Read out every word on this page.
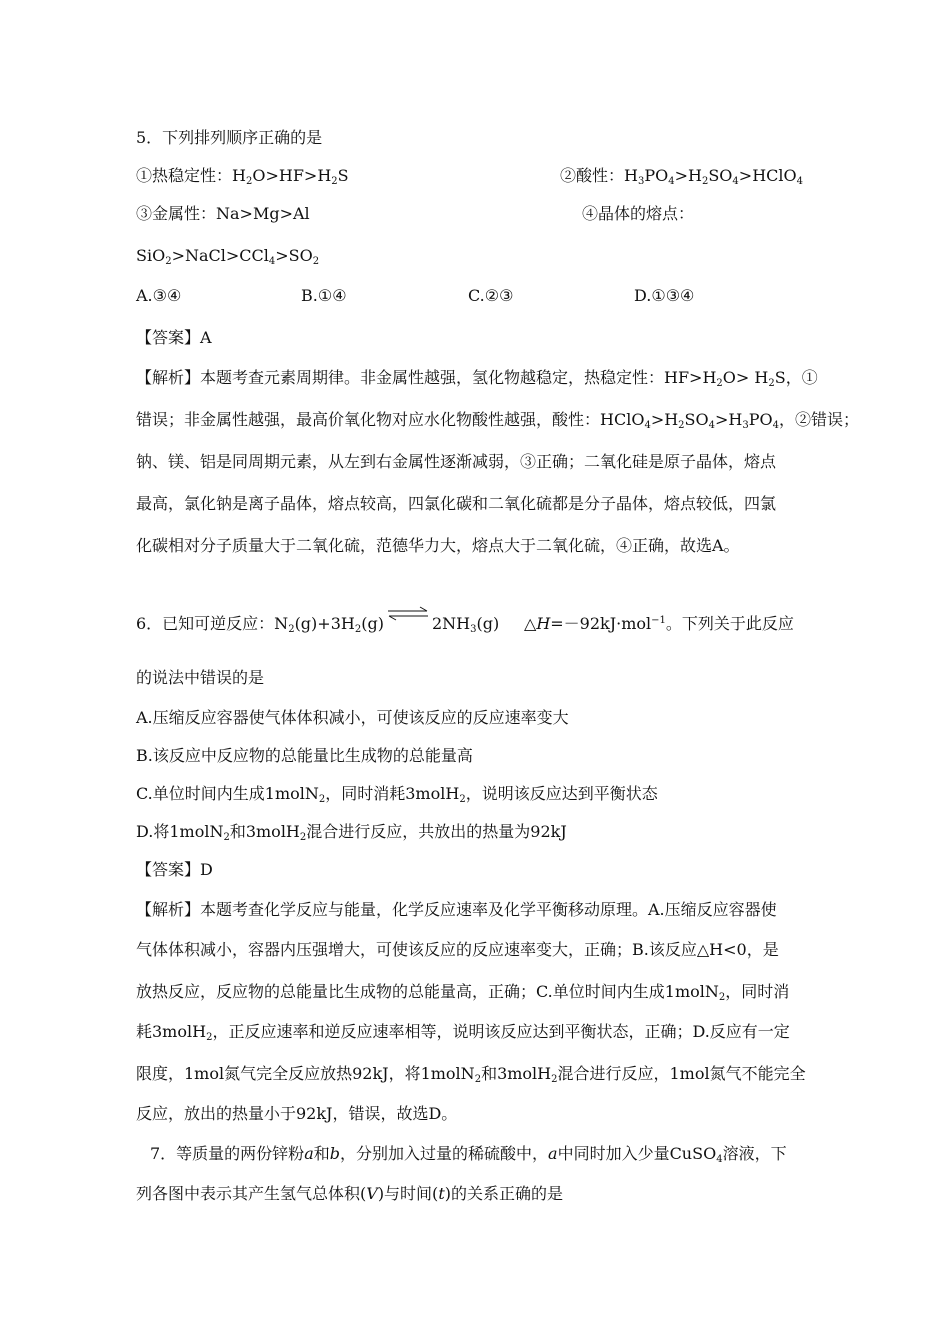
5．下列排列顺序正确的是
①热稳定性：$H_2O>HF>H_2S$	②酸性：$H_3PO_4>H_2SO_4>HClO_4$
③金属性：Na>Mg>Al	④晶体的熔点：
$SiO_2>NaCl>CCl_4>SO_2$
A.③④	B.①④	C.②③	D.①③④
【答案】A
【解析】本题考查元素周期律。非金属性越强，氢化物越稳定，热稳定性：$HF>H_2O> H_2S$，①
错误；非金属性越强，最高价氧化物对应水化物酸性越强，酸性：$HClO_4>H_2SO_4>H_3PO_4$，②错误；
钠、镁、铝是同周期元素，从左到右金属性逐渐减弱，③正确；二氧化硅是原子晶体，熔点
最高，氯化钠是离子晶体，熔点较高，四氯化碳和二氧化硫都是分子晶体，熔点较低，四氯
化碳相对分子质量大于二氧化硫，范德华力大，熔点大于二氧化硫，④正确，故选A。
6．已知可逆反应：$N_2(g)+3H_2(g)$ ⇌ $2NH_3(g)$ △H=－92kJ·mol$^{-1}$。下列关于此反应
的说法中错误的是
A.压缩反应容器使气体体积减小，可使该反应的反应速率变大
B.该反应中反应物的总能量比生成物的总能量高
C.单位时间内生成1molN$_2$，同时消耗3molH$_2$，说明该反应达到平衡状态
D.将1molN$_2$和3molH$_2$混合进行反应，共放出的热量为92kJ
【答案】D
【解析】本题考查化学反应与能量，化学反应速率及化学平衡移动原理。A.压缩反应容器使
气体体积减小，容器内压强增大，可使该反应的反应速率变大，正确；B.该反应△H<0，是
放热反应，反应物的总能量比生成物的总能量高，正确；C.单位时间内生成1molN$_2$，同时消
耗3molH$_2$，正反应速率和逆反应速率相等，说明该反应达到平衡状态，正确；D.反应有一定
限度，1mol氮气完全反应放热92kJ，将1molN$_2$和3molH$_2$混合进行反应，1mol氮气不能完全
反应，放出的热量小于92kJ，错误，故选D。
7．等质量的两份锌粉a和b，分别加入过量的稀硫酸中，a中同时加入少量CuSO$_4$溶液，下
列各图中表示其产生氢气总体积(V)与时间(t)的关系正确的是
